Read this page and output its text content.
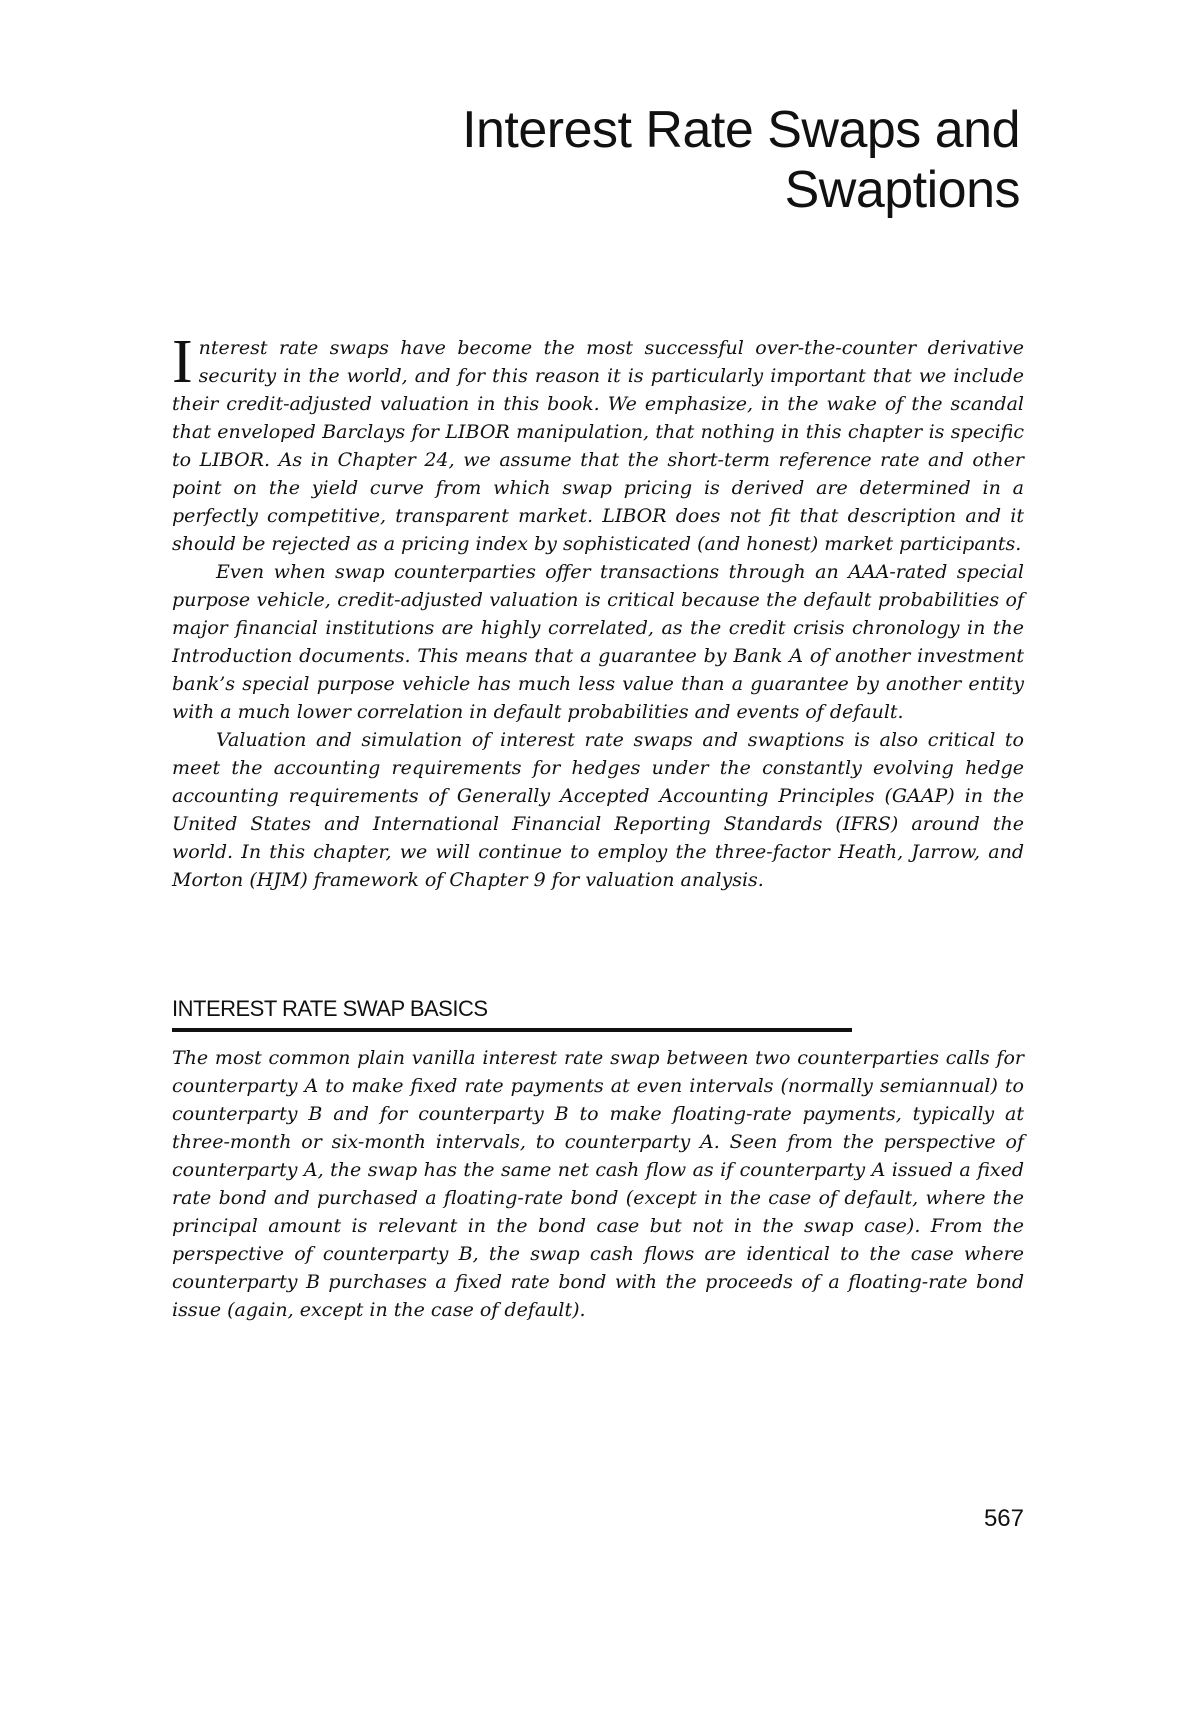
Interest Rate Swaps and Swaptions

Interest rate swaps have become the most successful over-the-counter derivative security in the world, and for this reason it is particularly important that we include their credit-adjusted valuation in this book. We emphasize, in the wake of the scandal that enveloped Barclays for LIBOR manipulation, that nothing in this chapter is specific to LIBOR. As in Chapter 24, we assume that the short-term reference rate and other point on the yield curve from which swap pricing is derived are determined in a perfectly competitive, transparent market. LIBOR does not fit that description and it should be rejected as a pricing index by sophisticated (and honest) market participants.

Even when swap counterparties offer transactions through an AAA-rated special purpose vehicle, credit-adjusted valuation is critical because the default probabilities of major financial institutions are highly correlated, as the credit crisis chronology in the Introduction documents. This means that a guarantee by Bank A of another investment bank’s special purpose vehicle has much less value than a guarantee by another entity with a much lower correlation in default probabilities and events of default.

Valuation and simulation of interest rate swaps and swaptions is also critical to meet the accounting requirements for hedges under the constantly evolving hedge accounting requirements of Generally Accepted Accounting Principles (GAAP) in the United States and International Financial Reporting Standards (IFRS) around the world. In this chapter, we will continue to employ the three-factor Heath, Jarrow, and Morton (HJM) framework of Chapter 9 for valuation analysis.

INTEREST RATE SWAP BASICS

The most common plain vanilla interest rate swap between two counterparties calls for counterparty A to make fixed rate payments at even intervals (normally semiannual) to counterparty B and for counterparty B to make floating-rate payments, typically at three-month or six-month intervals, to counterparty A. Seen from the perspective of counterparty A, the swap has the same net cash flow as if counterparty A issued a fixed rate bond and purchased a floating-rate bond (except in the case of default, where the principal amount is relevant in the bond case but not in the swap case). From the perspective of counterparty B, the swap cash flows are identical to the case where counterparty B purchases a fixed rate bond with the proceeds of a floating-rate bond issue (again, except in the case of default).

567
